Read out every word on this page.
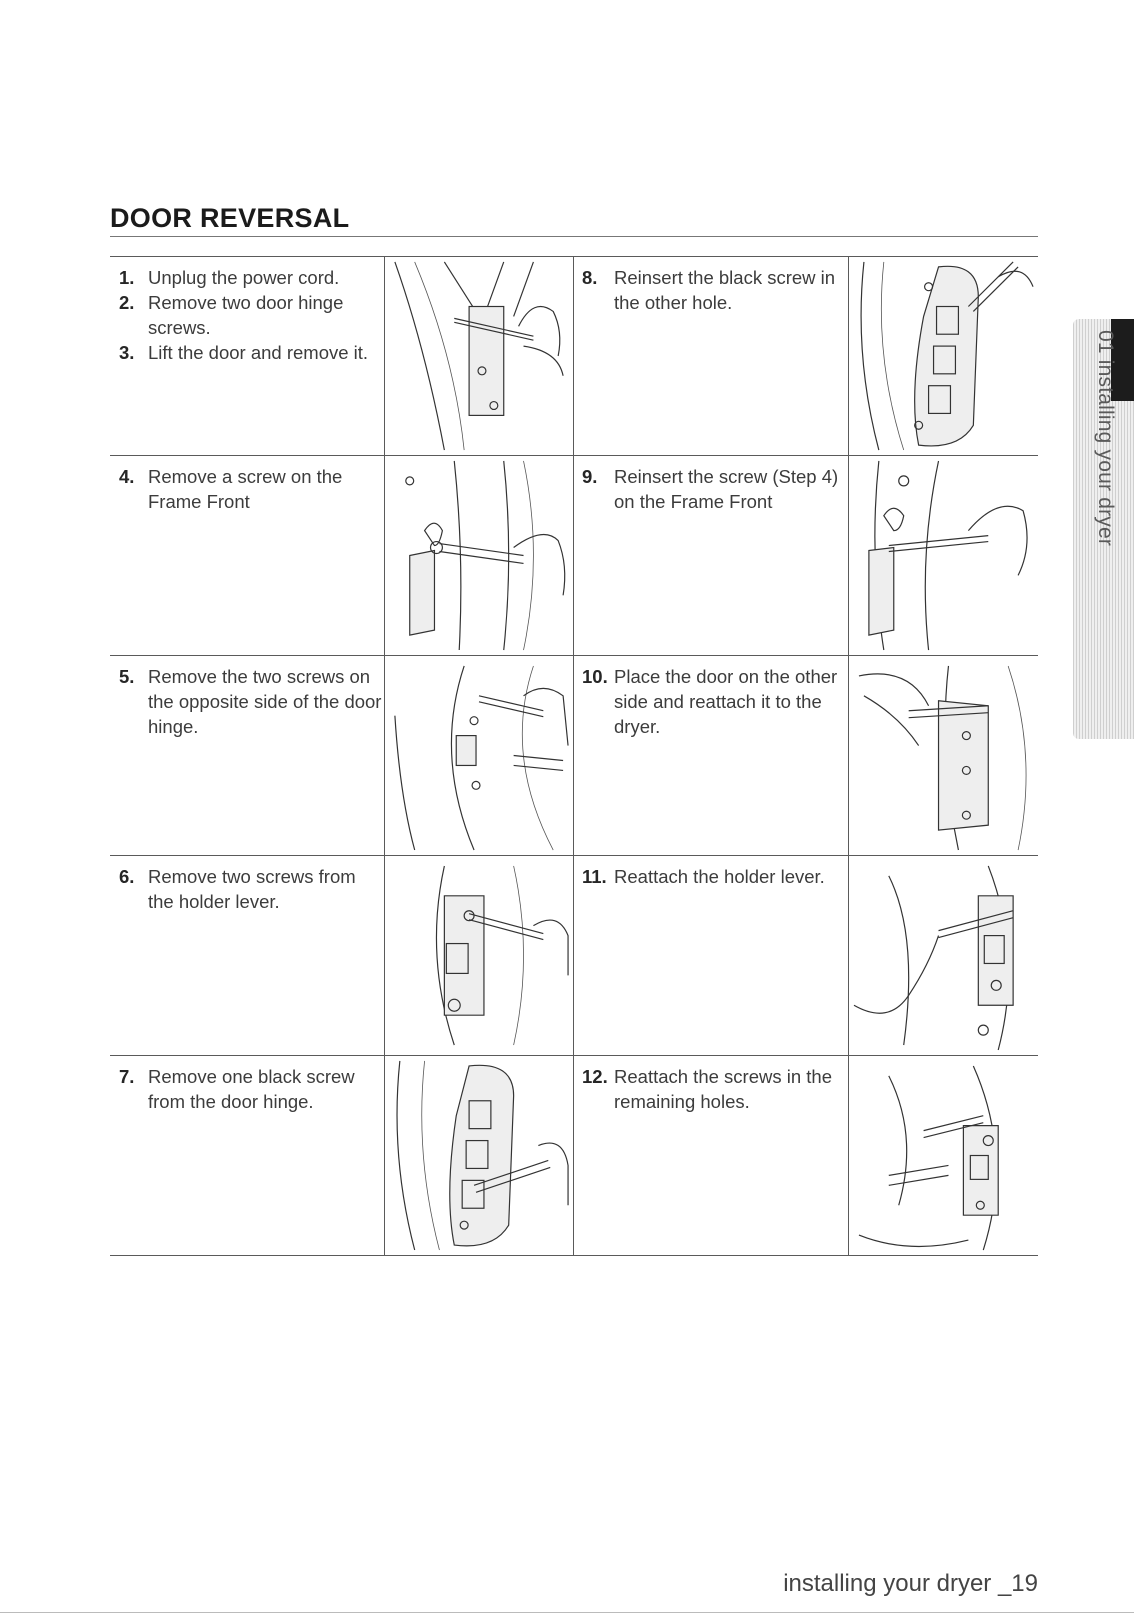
DOOR REVERSAL
1. Unplug the power cord.
2. Remove two door hinge screws.
3. Lift the door and remove it.
8. Reinsert the black screw in the other hole.
4. Remove a screw on the Frame Front
9. Reinsert the screw (Step 4) on the Frame Front
5. Remove the two screws on the opposite side of the door hinge.
10. Place the door on the other side and reattach it to the dryer.
6. Remove two screws from the holder lever.
11. Reattach the holder lever.
7. Remove one black screw from the door hinge.
12. Reattach the screws in the remaining holes.
01 installing your dryer
installing your dryer _19
